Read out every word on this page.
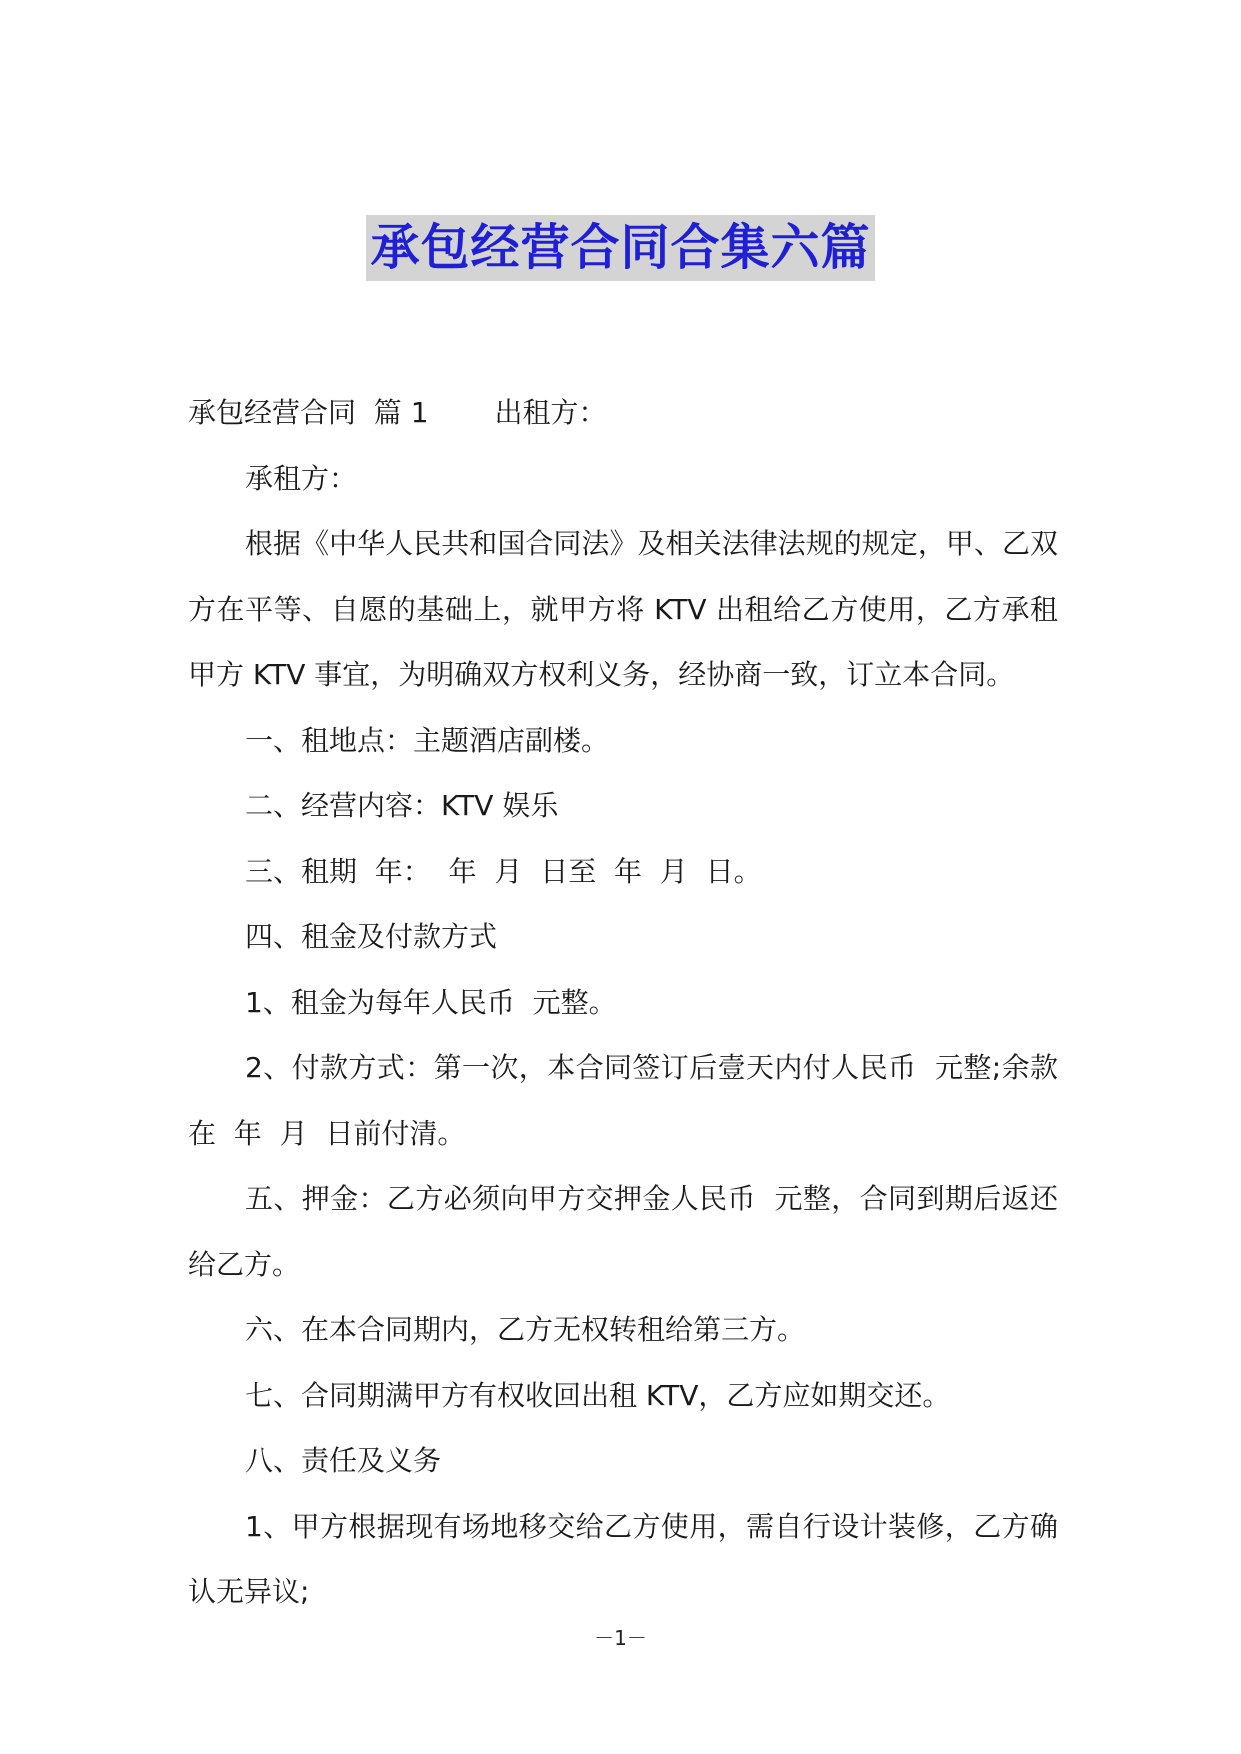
承包经营合同合集六篇

承包经营合同  篇 1 出租方：

承租方：

根据《中华人民共和国合同法》及相关法律法规的规定，甲、乙双方在平等、自愿的基础上，就甲方将 KTV 出租给乙方使用，乙方承租甲方 KTV 事宜，为明确双方权利义务，经协商一致，订立本合同。

一、租地点：主题酒店副楼。

二、经营内容：KTV 娱乐

三、租期  年：  年  月  日至  年  月  日。

四、租金及付款方式

1、租金为每年人民币  元整。

2、付款方式：第一次，本合同签订后壹天内付人民币  元整;余款在  年  月  日前付清。

五、押金：乙方必须向甲方交押金人民币  元整，合同到期后返还给乙方。

六、在本合同期内，乙方无权转租给第三方。

七、合同期满甲方有权收回出租 KTV，乙方应如期交还。

八、责任及义务

1、甲方根据现有场地移交给乙方使用，需自行设计装修，乙方确认无异议;

－1－
